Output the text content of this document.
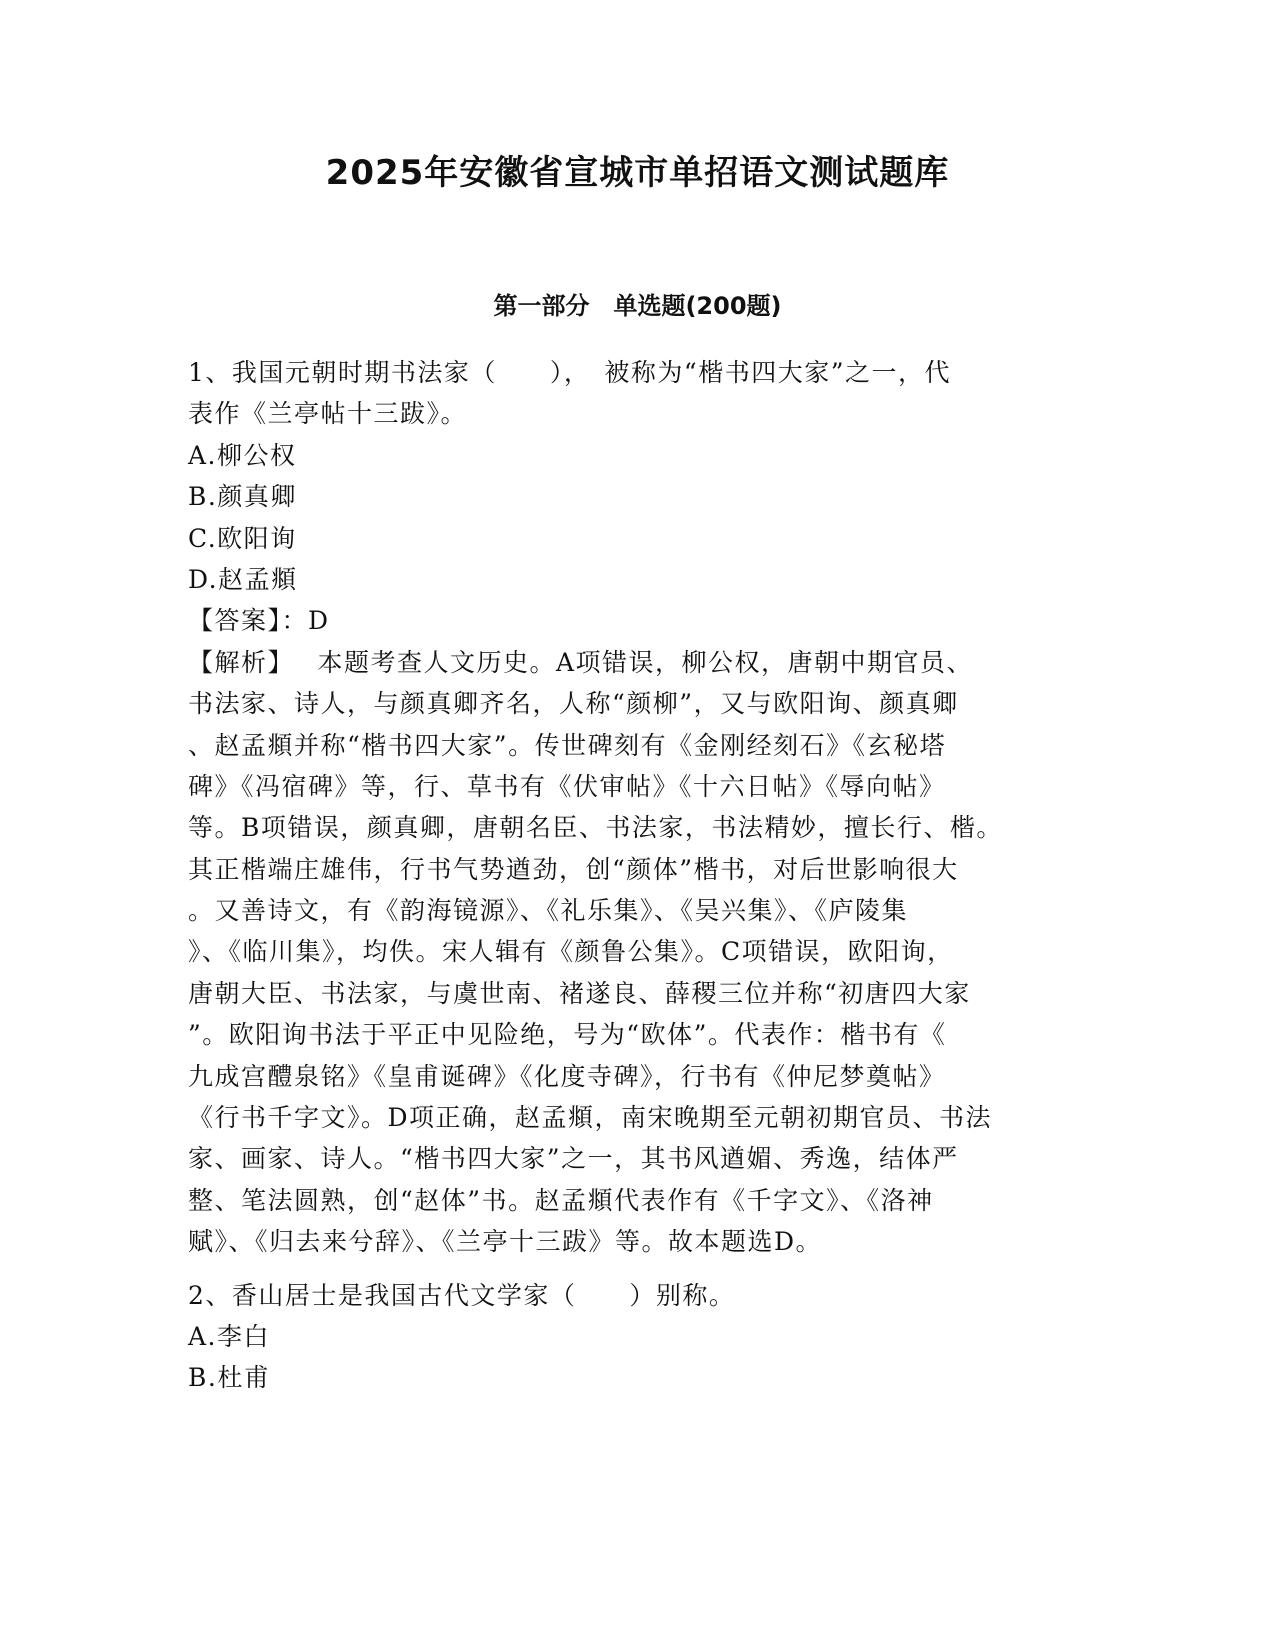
2025年安徽省宣城市单招语文测试题库
第一部分　单选题(200题)
1、我国元朝时期书法家（　　），　被称为“楷书四大家”之一，代
表作《兰亭帖十三跋》。
A.柳公权
B.颜真卿
C.欧阳询
D.赵孟頫
【答案】：D
【解析】　 本题考查人文历史。A项错误，柳公权，唐朝中期官员、
书法家、诗人，与颜真卿齐名，人称“颜柳”，又与欧阳询、颜真卿
、赵孟頫并称“楷书四大家”。传世碑刻有《金刚经刻石》《玄秘塔
碑》《冯宿碑》等，行、草书有《伏审帖》《十六日帖》《辱向帖》
等。B项错误，颜真卿，唐朝名臣、书法家，书法精妙，擅长行、楷。
其正楷端庄雄伟，行书气势遒劲，创“颜体”楷书，对后世影响很大
。又善诗文，有《韵海镜源》、《礼乐集》、《吴兴集》、《庐陵集
》、《临川集》，均佚。宋人辑有《颜鲁公集》。C项错误，欧阳询，
唐朝大臣、书法家，与虞世南、褚遂良、薛稷三位并称“初唐四大家
”。欧阳询书法于平正中见险绝，号为“欧体”。代表作：楷书有《
九成宫醴泉铭》《皇甫诞碑》《化度寺碑》，行书有《仲尼梦奠帖》
《行书千字文》。D项正确，赵孟頫，南宋晚期至元朝初期官员、书法
家、画家、诗人。“楷书四大家”之一，其书风遒媚、秀逸，结体严
整、笔法圆熟，创“赵体”书。赵孟頫代表作有《千字文》、《洛神
赋》、《归去来兮辞》、《兰亭十三跋》等。故本题选D。
2、香山居士是我国古代文学家（　　）别称。
A.李白
B.杜甫
